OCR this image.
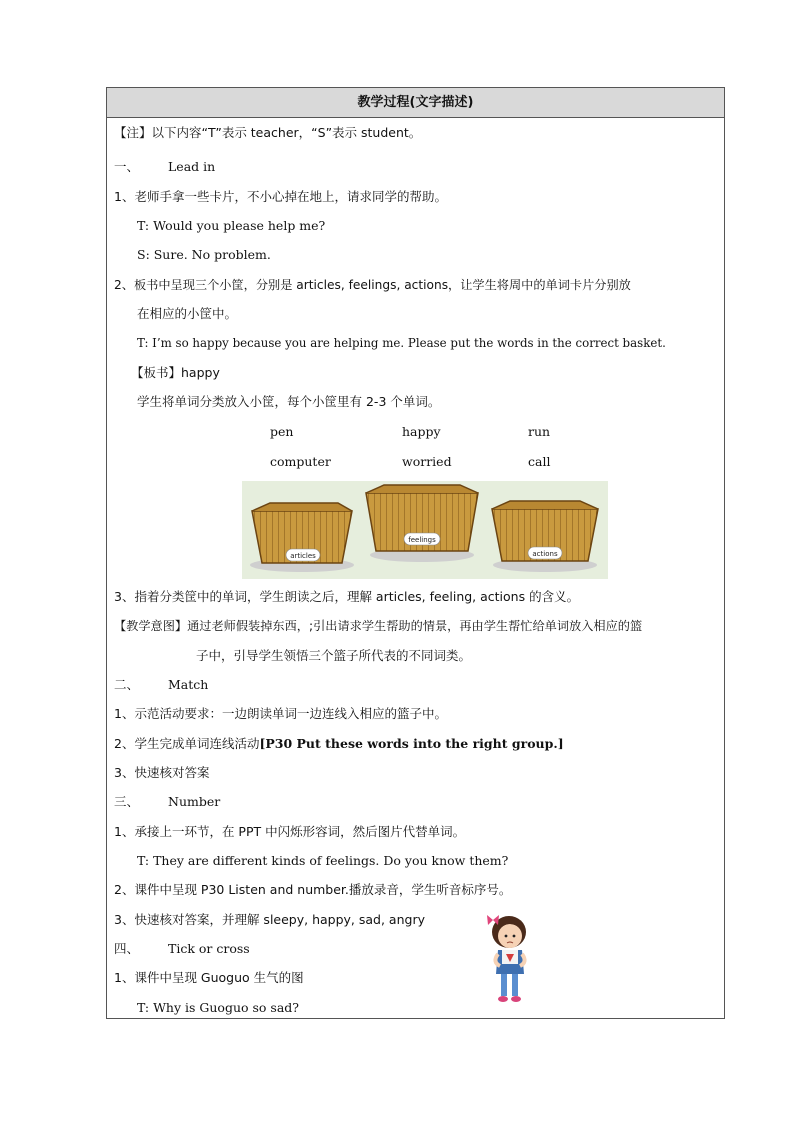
教学过程(文字描述)
【注】以下内容“T”表示 teacher，“S”表示 student。
一、 Lead in
1、老师手拿一些卡片，不小心掉在地上，请求同学的帮助。
T: Would you please help me?
S: Sure. No problem.
2、板书中呈现三个小筐，分别是 articles, feelings, actions，让学生将周中的单词卡片分别放
在相应的小筐中。
T: I’m so happy because you are helping me. Please put the words in the correct basket.
【板书】happy
学生将单词分类放入小筐，每个小筐里有 2-3 个单词。
pen	happy	run
computer	worried	call
articles
feelings
actions
3、指着分类筐中的单词，学生朗读之后，理解 articles, feeling, actions 的含义。
【教学意图】通过老师假装掉东西，;引出请求学生帮助的情景，再由学生帮忙给单词放入相应的篮
子中，引导学生领悟三个篮子所代表的不同词类。
二、 Match
1、示范活动要求：一边朗读单词一边连线入相应的篮子中。
2、学生完成单词连线活动[P30 Put these words into the right group.]
3、快速核对答案
三、 Number
1、承接上一环节，在 PPT 中闪烁形容词，然后图片代替单词。
T: They are different kinds of feelings. Do you know them?
2、课件中呈现 P30 Listen and number.播放录音，学生听音标序号。
3、快速核对答案，并理解 sleepy, happy, sad, angry
四、 Tick or cross
1、课件中呈现 Guoguo 生气的图
T: Why is Guoguo so sad?
